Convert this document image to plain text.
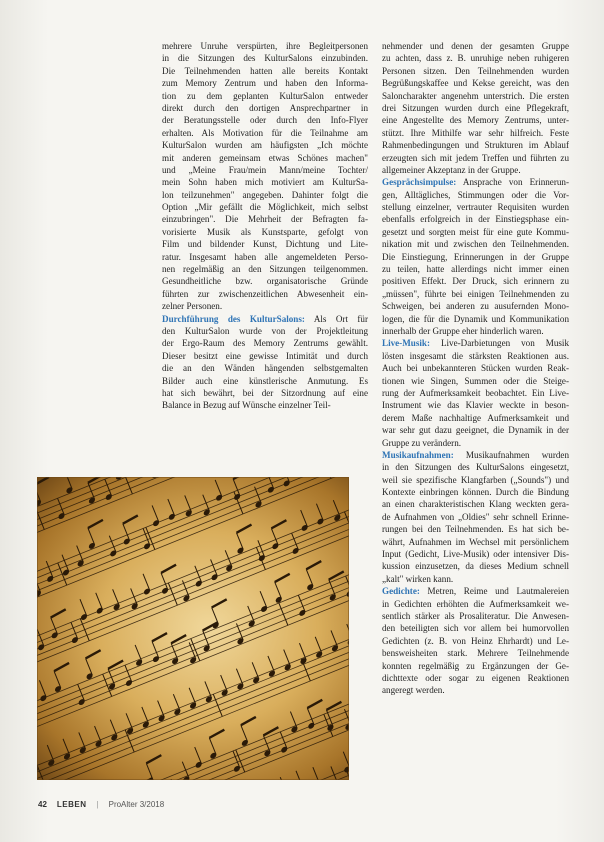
mehrere Unruhe verspürten, ihre Begleitpersonen
in die Sitzungen des KulturSalons einzubinden.
Die Teilnehmenden hatten alle bereits Kontakt
zum Memory Zentrum und haben den Informa-
tion zu dem geplanten KulturSalon entweder
direkt durch den dortigen Ansprechpartner in
der Beratungsstelle oder durch den Info-Flyer
erhalten. Als Motivation für die Teilnahme am
KulturSalon wurden am häufigsten „Ich möchte
mit anderen gemeinsam etwas Schönes machen"
und „Meine Frau/mein Mann/meine Tochter/
mein Sohn haben mich motiviert am KulturSa-
lon teilzunehmen" angegeben. Dahinter folgt die
Option „Mir gefällt die Möglichkeit, mich selbst
einzubringen". Die Mehrheit der Befragten fa-
vorisierte Musik als Kunstsparte, gefolgt von
Film und bildender Kunst, Dichtung und Lite-
ratur. Insgesamt haben alle angemeldeten Perso-
nen regelmäßig an den Sitzungen teilgenommen.
Gesundheitliche bzw. organisatorische Gründe
führten zur zwischenzeitlichen Abwesenheit ein-
zelner Personen.
Durchführung des KulturSalons: Als Ort für
den KulturSalon wurde von der Projektleitung
der Ergo-Raum des Memory Zentrums gewählt.
Dieser besitzt eine gewisse Intimität und durch
die an den Wänden hängenden selbstgemalten
Bilder auch eine künstlerische Anmutung. Es
hat sich bewährt, bei der Sitzordnung auf eine
Balance in Bezug auf Wünsche einzelner Teil-
nehmender und denen der gesamten Gruppe
zu achten, dass z. B. unruhige neben ruhigeren
Personen sitzen. Den Teilnehmenden wurden
Begrüßungskaffee und Kekse gereicht, was den
Saloncharakter angenehm unterstrich. Die ersten
drei Sitzungen wurden durch eine Pflegekraft,
eine Angestellte des Memory Zentrums, unter-
stützt. Ihre Mithilfe war sehr hilfreich. Feste
Rahmenbedingungen und Strukturen im Ablauf
erzeugten sich mit jedem Treffen und führten zu
allgemeiner Akzeptanz in der Gruppe.
Gesprächsimpulse: Ansprache von Erinnerun-
gen, Alltägliches, Stimmungen oder die Vor-
stellung einzelner, vertrauter Requisiten wurden
ebenfalls erfolgreich in der Einstiegsphase ein-
gesetzt und sorgten meist für eine gute Kommu-
nikation mit und zwischen den Teilnehmenden.
Die Einstiegung, Erinnerungen in der Gruppe
zu teilen, hatte allerdings nicht immer einen
positiven Effekt. Der Druck, sich erinnern zu
„müssen", führte bei einigen Teilnehmenden zu
Schweigen, bei anderen zu ausufernden Mono-
logen, die für die Dynamik und Kommunikation
innerhalb der Gruppe eher hinderlich waren.
Live-Musik: Live-Darbietungen von Musik
lösten insgesamt die stärksten Reaktionen aus.
Auch bei unbekannteren Stücken wurden Reak-
tionen wie Singen, Summen oder die Steige-
rung der Aufmerksamkeit beobachtet. Ein Live-
Instrument wie das Klavier weckte in beson-
derem Maße nachhaltige Aufmerksamkeit und
war sehr gut dazu geeignet, die Dynamik in der
Gruppe zu verändern.
Musikaufnahmen: Musikaufnahmen wurden
in den Sitzungen des KulturSalons eingesetzt,
weil sie spezifische Klangfarben („Sounds") und
Kontexte einbringen können. Durch die Bindung
an einen charakteristischen Klang weckten gera-
de Aufnahmen von „Oldies" sehr schnell Erinne-
rungen bei den Teilnehmenden. Es hat sich be-
währt, Aufnahmen im Wechsel mit persönlichem
Input (Gedicht, Live-Musik) oder intensiver Dis-
kussion einzusetzen, da dieses Medium schnell
„kalt" wirken kann.
Gedichte: Metren, Reime und Lautmalereien
in Gedichten erhöhten die Aufmerksamkeit we-
sentlich stärker als Prosaliteratur. Die Anwesen-
den beteiligten sich vor allem bei humorvollen
Gedichten (z. B. von Heinz Ehrhardt) und Le-
bensweisheiten stark. Mehrere Teilnehmende
konnten regelmäßig zu Ergänzungen der Ge-
dichttexte oder sogar zu eigenen Reaktionen
angeregt werden.
42 LEBEN | ProAlter 3/2018
